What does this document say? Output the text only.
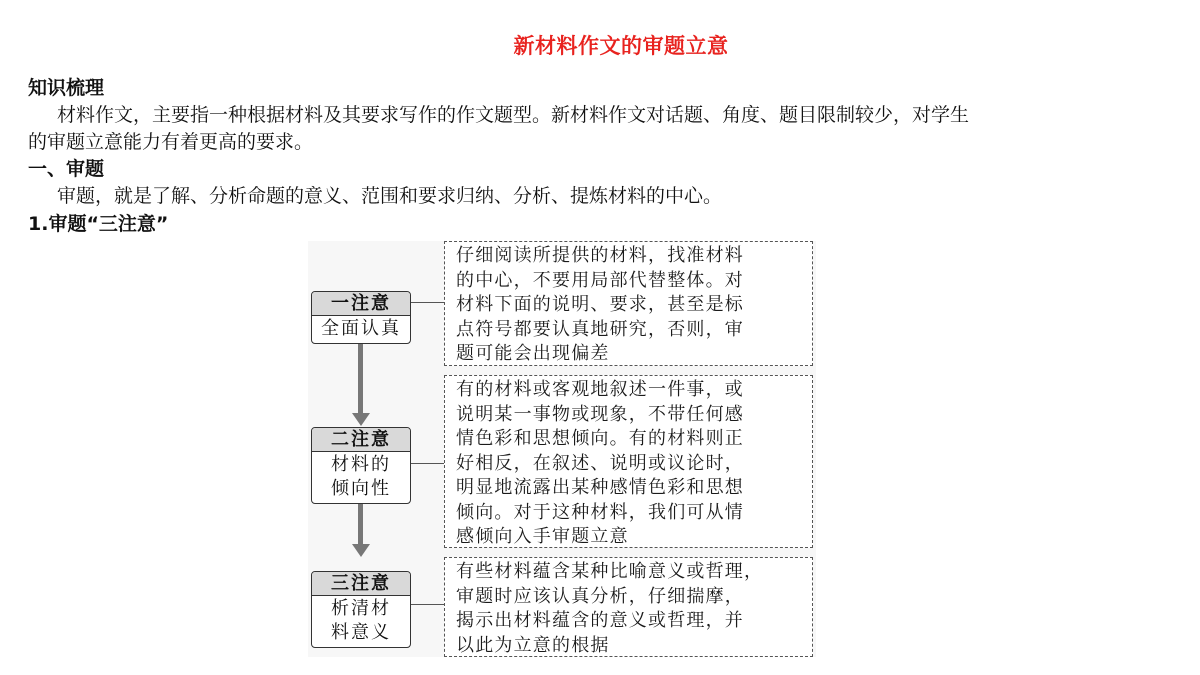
新材料作文的审题立意
知识梳理
材料作文，主要指一种根据材料及其要求写作的作文题型。新材料作文对话题、角度、题目限制较少，对学生
的审题立意能力有着更高的要求。
一、审题
审题，就是了解、分析命题的意义、范围和要求归纳、分析、提炼材料的中心。
1.审题“三注意”
一注意
全面认真
仔细阅读所提供的材料，找准材料
的中心，不要用局部代替整体。对
材料下面的说明、要求，甚至是标
点符号都要认真地研究，否则，审
题可能会出现偏差
二注意
材料的
倾向性
有的材料或客观地叙述一件事，或
说明某一事物或现象，不带任何感
情色彩和思想倾向。有的材料则正
好相反，在叙述、说明或议论时，
明显地流露出某种感情色彩和思想
倾向。对于这种材料，我们可从情
感倾向入手审题立意
三注意
析清材
料意义
有些材料蕴含某种比喻意义或哲理，
审题时应该认真分析，仔细揣摩，
揭示出材料蕴含的意义或哲理，并
以此为立意的根据
